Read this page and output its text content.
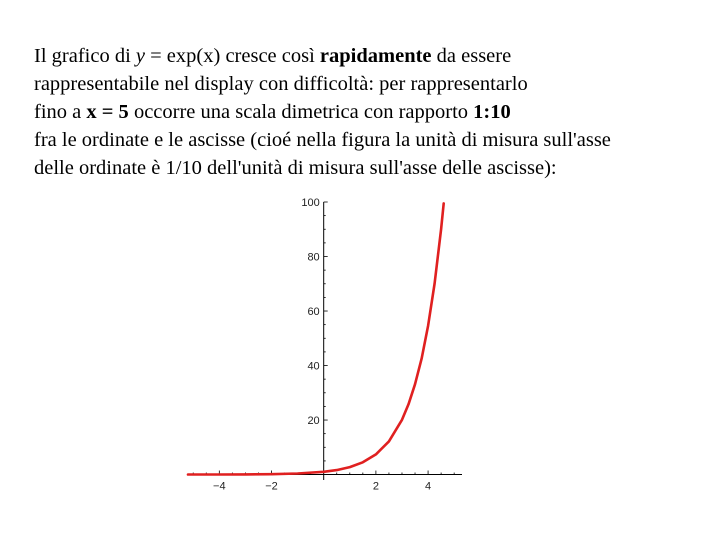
Il grafico di y = exp(x) cresce così rapidamente da essere
rappresentabile nel display con difficoltà: per rappresentarlo
fino a x = 5 occorre una scala dimetrica con rapporto 1:10
fra le ordinate e le ascisse (cioé nella figura la unità di misura sull'asse
delle ordinate è 1/10 dell'unità di misura sull'asse delle ascisse):
−4	−2	2	4
20
40
60
80
100
